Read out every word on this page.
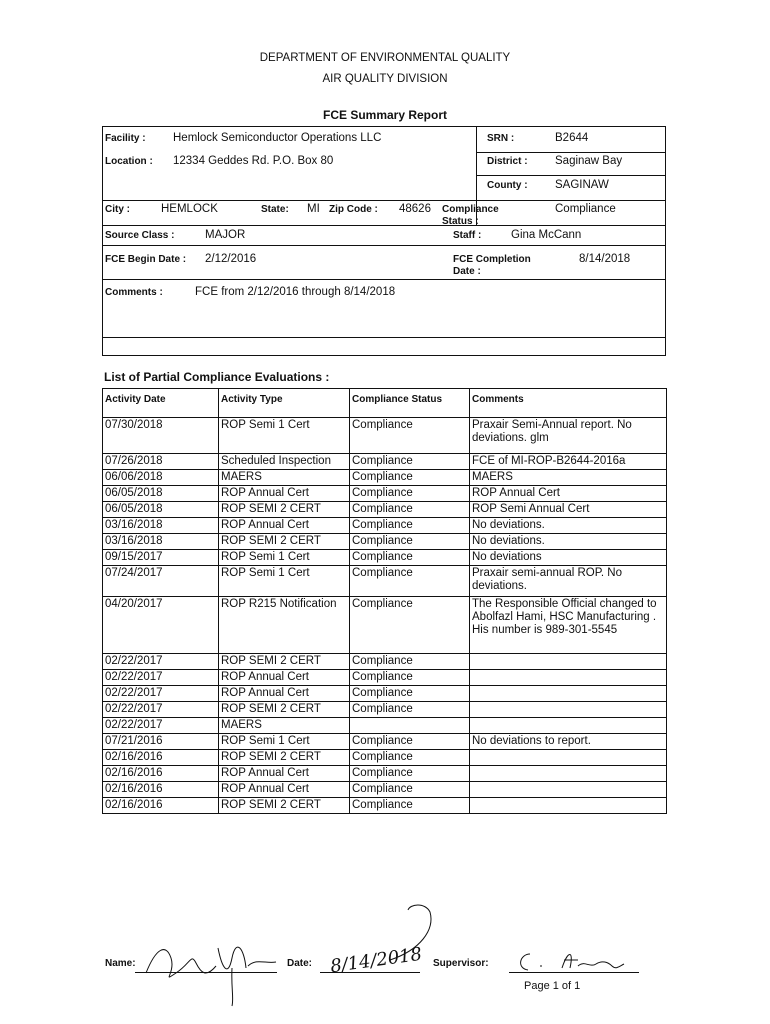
DEPARTMENT OF ENVIRONMENTAL QUALITY
AIR QUALITY DIVISION
FCE Summary Report
Facility : Hemlock Semiconductor Operations LLC	SRN :	B2644
Location : 12334 Geddes Rd. P.O. Box 80	District : Saginaw Bay
County : SAGINAW
City :	HEMLOCK	State: MI Zip Code : 48626 Compliance Status :
Compliance
Source Class :	MAJOR	Staff :	Gina McCann
FCE Begin Date : 2/12/2016	FCE Completion Date :
8/14/2018
Comments :	FCE from 2/12/2016 through 8/14/2018
List of Partial Compliance Evaluations :
Activity Date	Activity Type	Compliance Status	Comments
07/30/2018	ROP Semi 1 Cert	Compliance	Praxair Semi-Annual report. No deviations. glm
07/26/2018	Scheduled Inspection	Compliance	FCE of MI-ROP-B2644-2016a
06/06/2018	MAERS	Compliance	MAERS
06/05/2018	ROP Annual Cert	Compliance	ROP Annual Cert
06/05/2018	ROP SEMI 2 CERT	Compliance	ROP Semi Annual Cert
03/16/2018	ROP Annual Cert	Compliance	No deviations.
03/16/2018	ROP SEMI 2 CERT	Compliance	No deviations.
09/15/2017	ROP Semi 1 Cert	Compliance	No deviations
07/24/2017	ROP Semi 1 Cert	Compliance	Praxair semi-annual ROP. No deviations.
04/20/2017	ROP R215 Notification	Compliance	The Responsible Official changed to Abolfazl Hami, HSC Manufacturing . His number is 989-301-5545
02/22/2017	ROP SEMI 2 CERT	Compliance	
02/22/2017	ROP Annual Cert	Compliance	
02/22/2017	ROP Annual Cert	Compliance	
02/22/2017	ROP SEMI 2 CERT	Compliance	
02/22/2017	MAERS		
07/21/2016	ROP Semi 1 Cert	Compliance	No deviations to report.
02/16/2016	ROP SEMI 2 CERT	Compliance	
02/16/2016	ROP Annual Cert	Compliance	
02/16/2016	ROP Annual Cert	Compliance	
02/16/2016	ROP SEMI 2 CERT	Compliance	
Name:	Date: 8/14/2018 Supervisor:
Page 1 of 1
